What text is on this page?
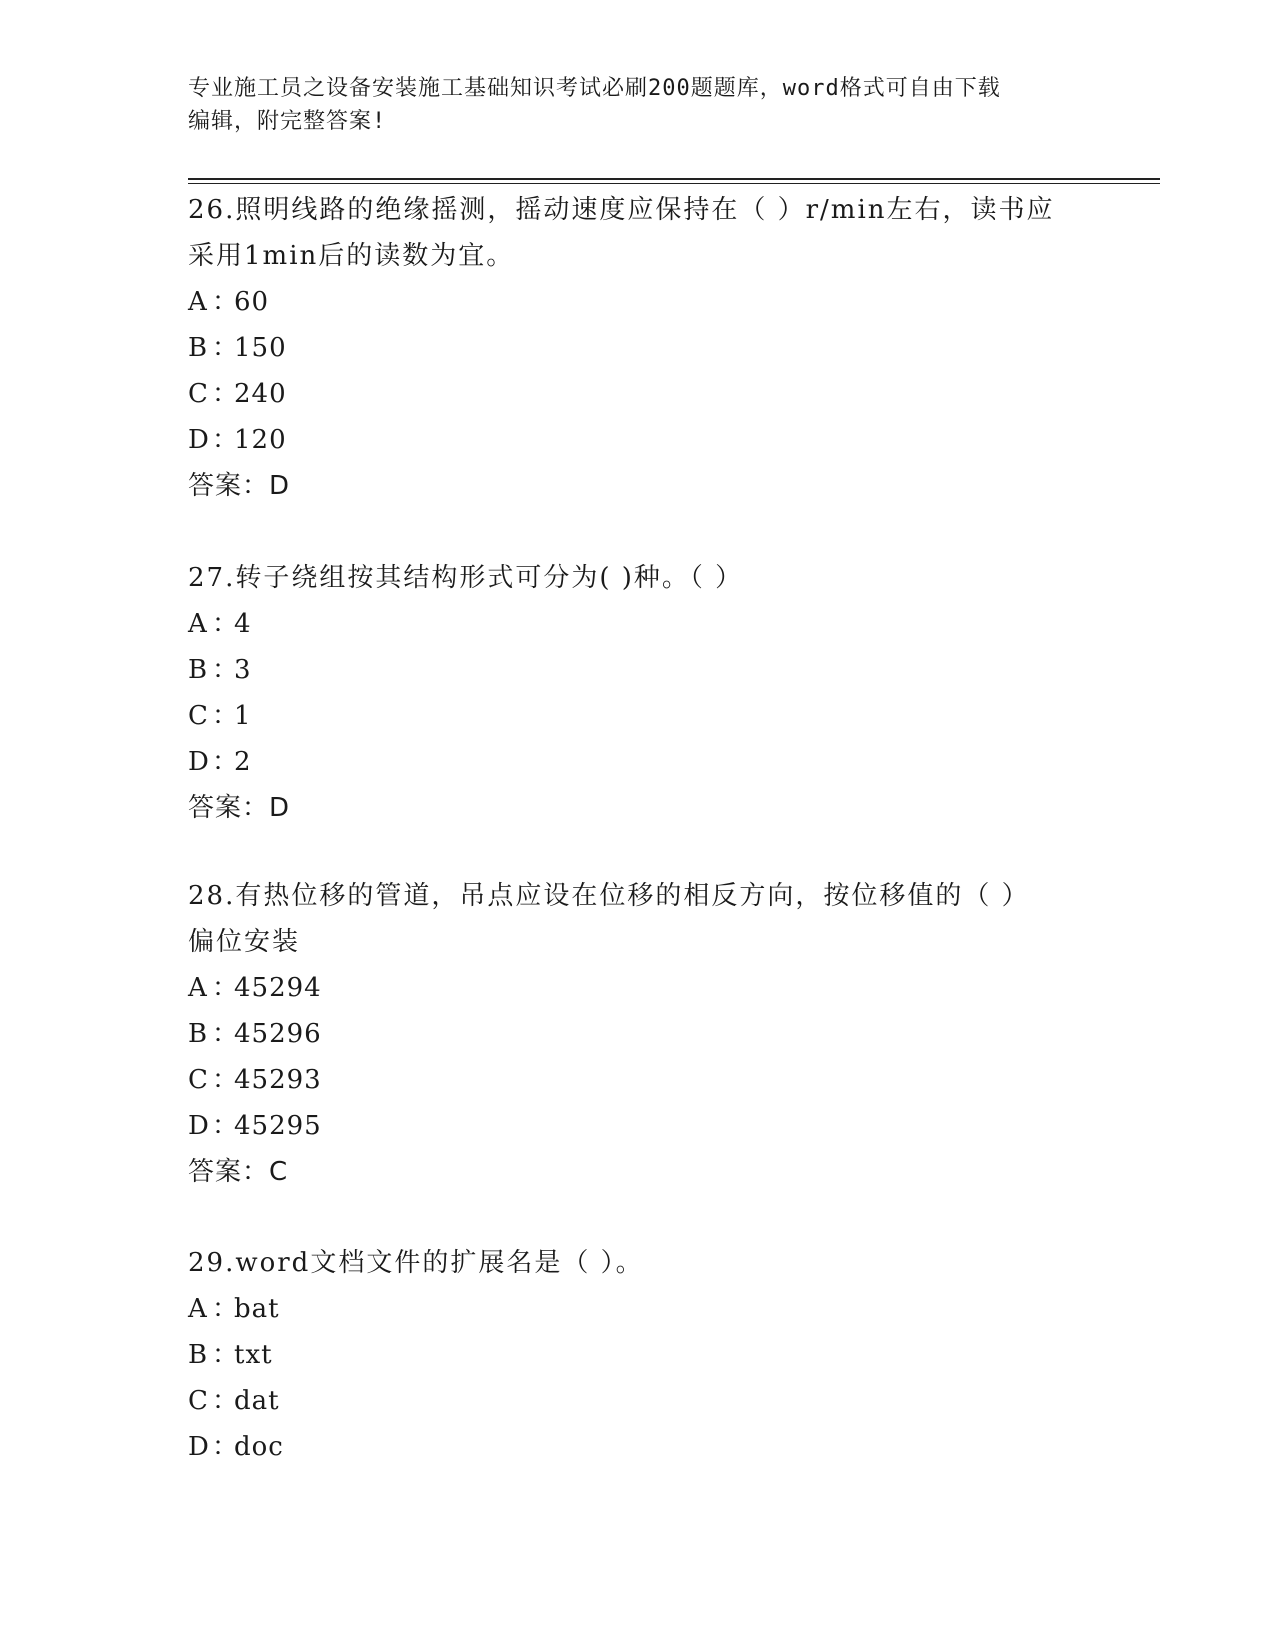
专业施工员之设备安装施工基础知识考试必刷200题题库，word格式可自由下载
编辑，附完整答案!

26.照明线路的绝缘摇测，摇动速度应保持在（ ）r/min左右，读书应

采用1min后的读数为宜。

A ：60

B ：150

C ：240

D：120

答案：D

27.转子绕组按其结构形式可分为( )种。（ ）

A ：4

B ：3

C ：1

D：2

答案：D

28.有热位移的管道，吊点应设在位移的相反方向，按位移值的（ ）

偏位安装

A ：45294

B ：45296

C ：45293

D：45295

答案：C

29.word文档文件的扩展名是（ ）。

A ：bat

B ：txt

C ：dat

D：doc
